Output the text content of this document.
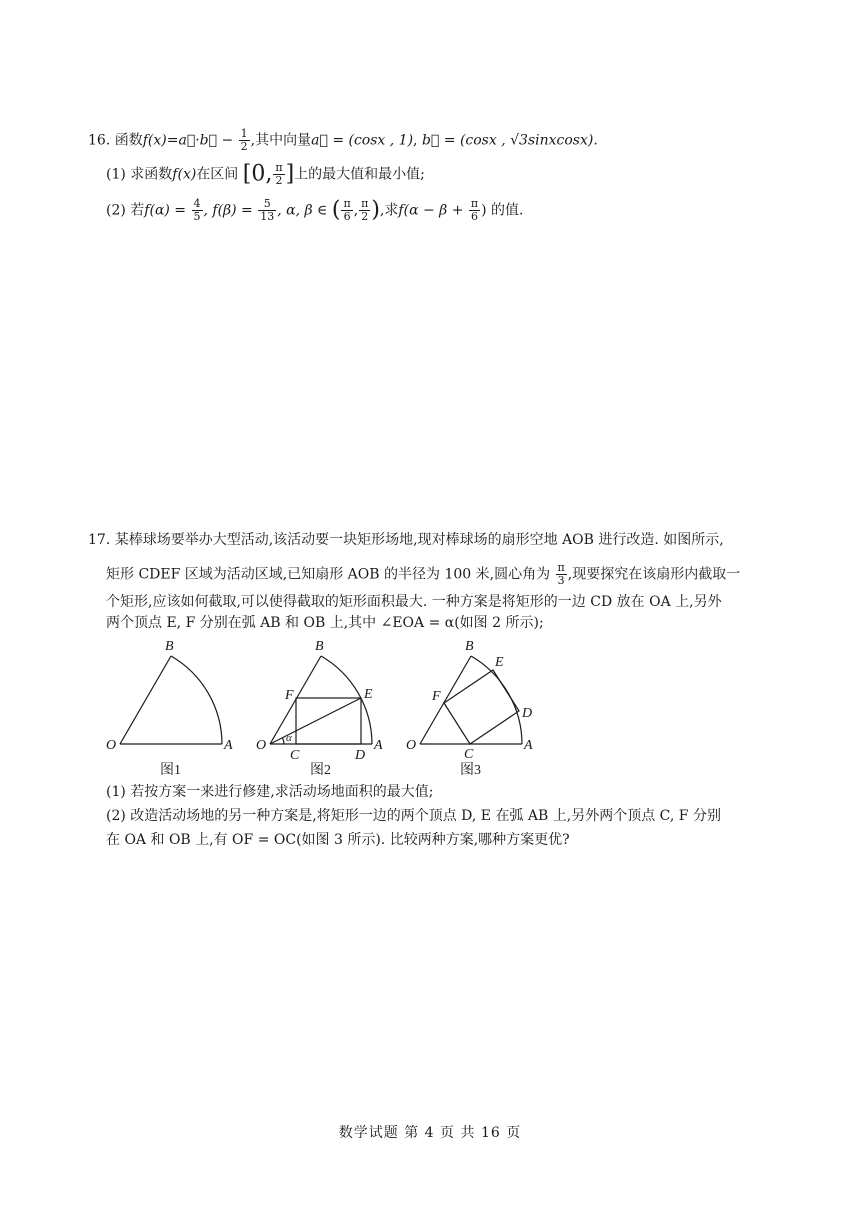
16. 函数f(x)=a⃗·b⃗ − $\frac{1}{2}$ ,其中向量a⃗ = (cosx , 1), b⃗ = (cosx , √3sinxcosx).
(1) 求函数f(x)在区间 [0, $\frac{\pi}{2}$ ]上的最大值和最小值;
(2) 若$f(\alpha) = \frac{4}{5}$ , $f(\beta) = \frac{5}{13}$ , α, β ∈ ( $\frac{\pi}{6}$ , $\frac{\pi}{2}$ ),求$f(\alpha - \beta + \frac{\pi}{6}$ ) 的值.
17. 某棒球场要举办大型活动,该活动要一块矩形场地,现对棒球场的扇形空地 AOB 进行改造. 如图所示,
矩形 CDEF 区域为活动区域,已知扇形 AOB 的半径为 100 米,圆心角为 $\frac{\pi}{3}$ ,现要探究在该扇形内截取一
个矩形,应该如何截取,可以使得截取的矩形面积最大. 一种方案是将矩形的一边 CD 放在 OA 上,另外
两个顶点 E, F 分别在弧 AB 和 OB 上,其中 ∠EOA = α(如图 2 所示);
O	A
B
图1
O	A
B
C	D
E
F
α
图2
O	A
B
C
D
E
F
图3
(1) 若按方案一来进行修建,求活动场地面积的最大值;
(2) 改造活动场地的另一种方案是,将矩形一边的两个顶点 D, E 在弧 AB 上,另外两个顶点 C, F 分别
在 OA 和 OB 上,有 OF = OC(如图 3 所示). 比较两种方案,哪种方案更优?
数学试题 第 4 页 共 16 页
